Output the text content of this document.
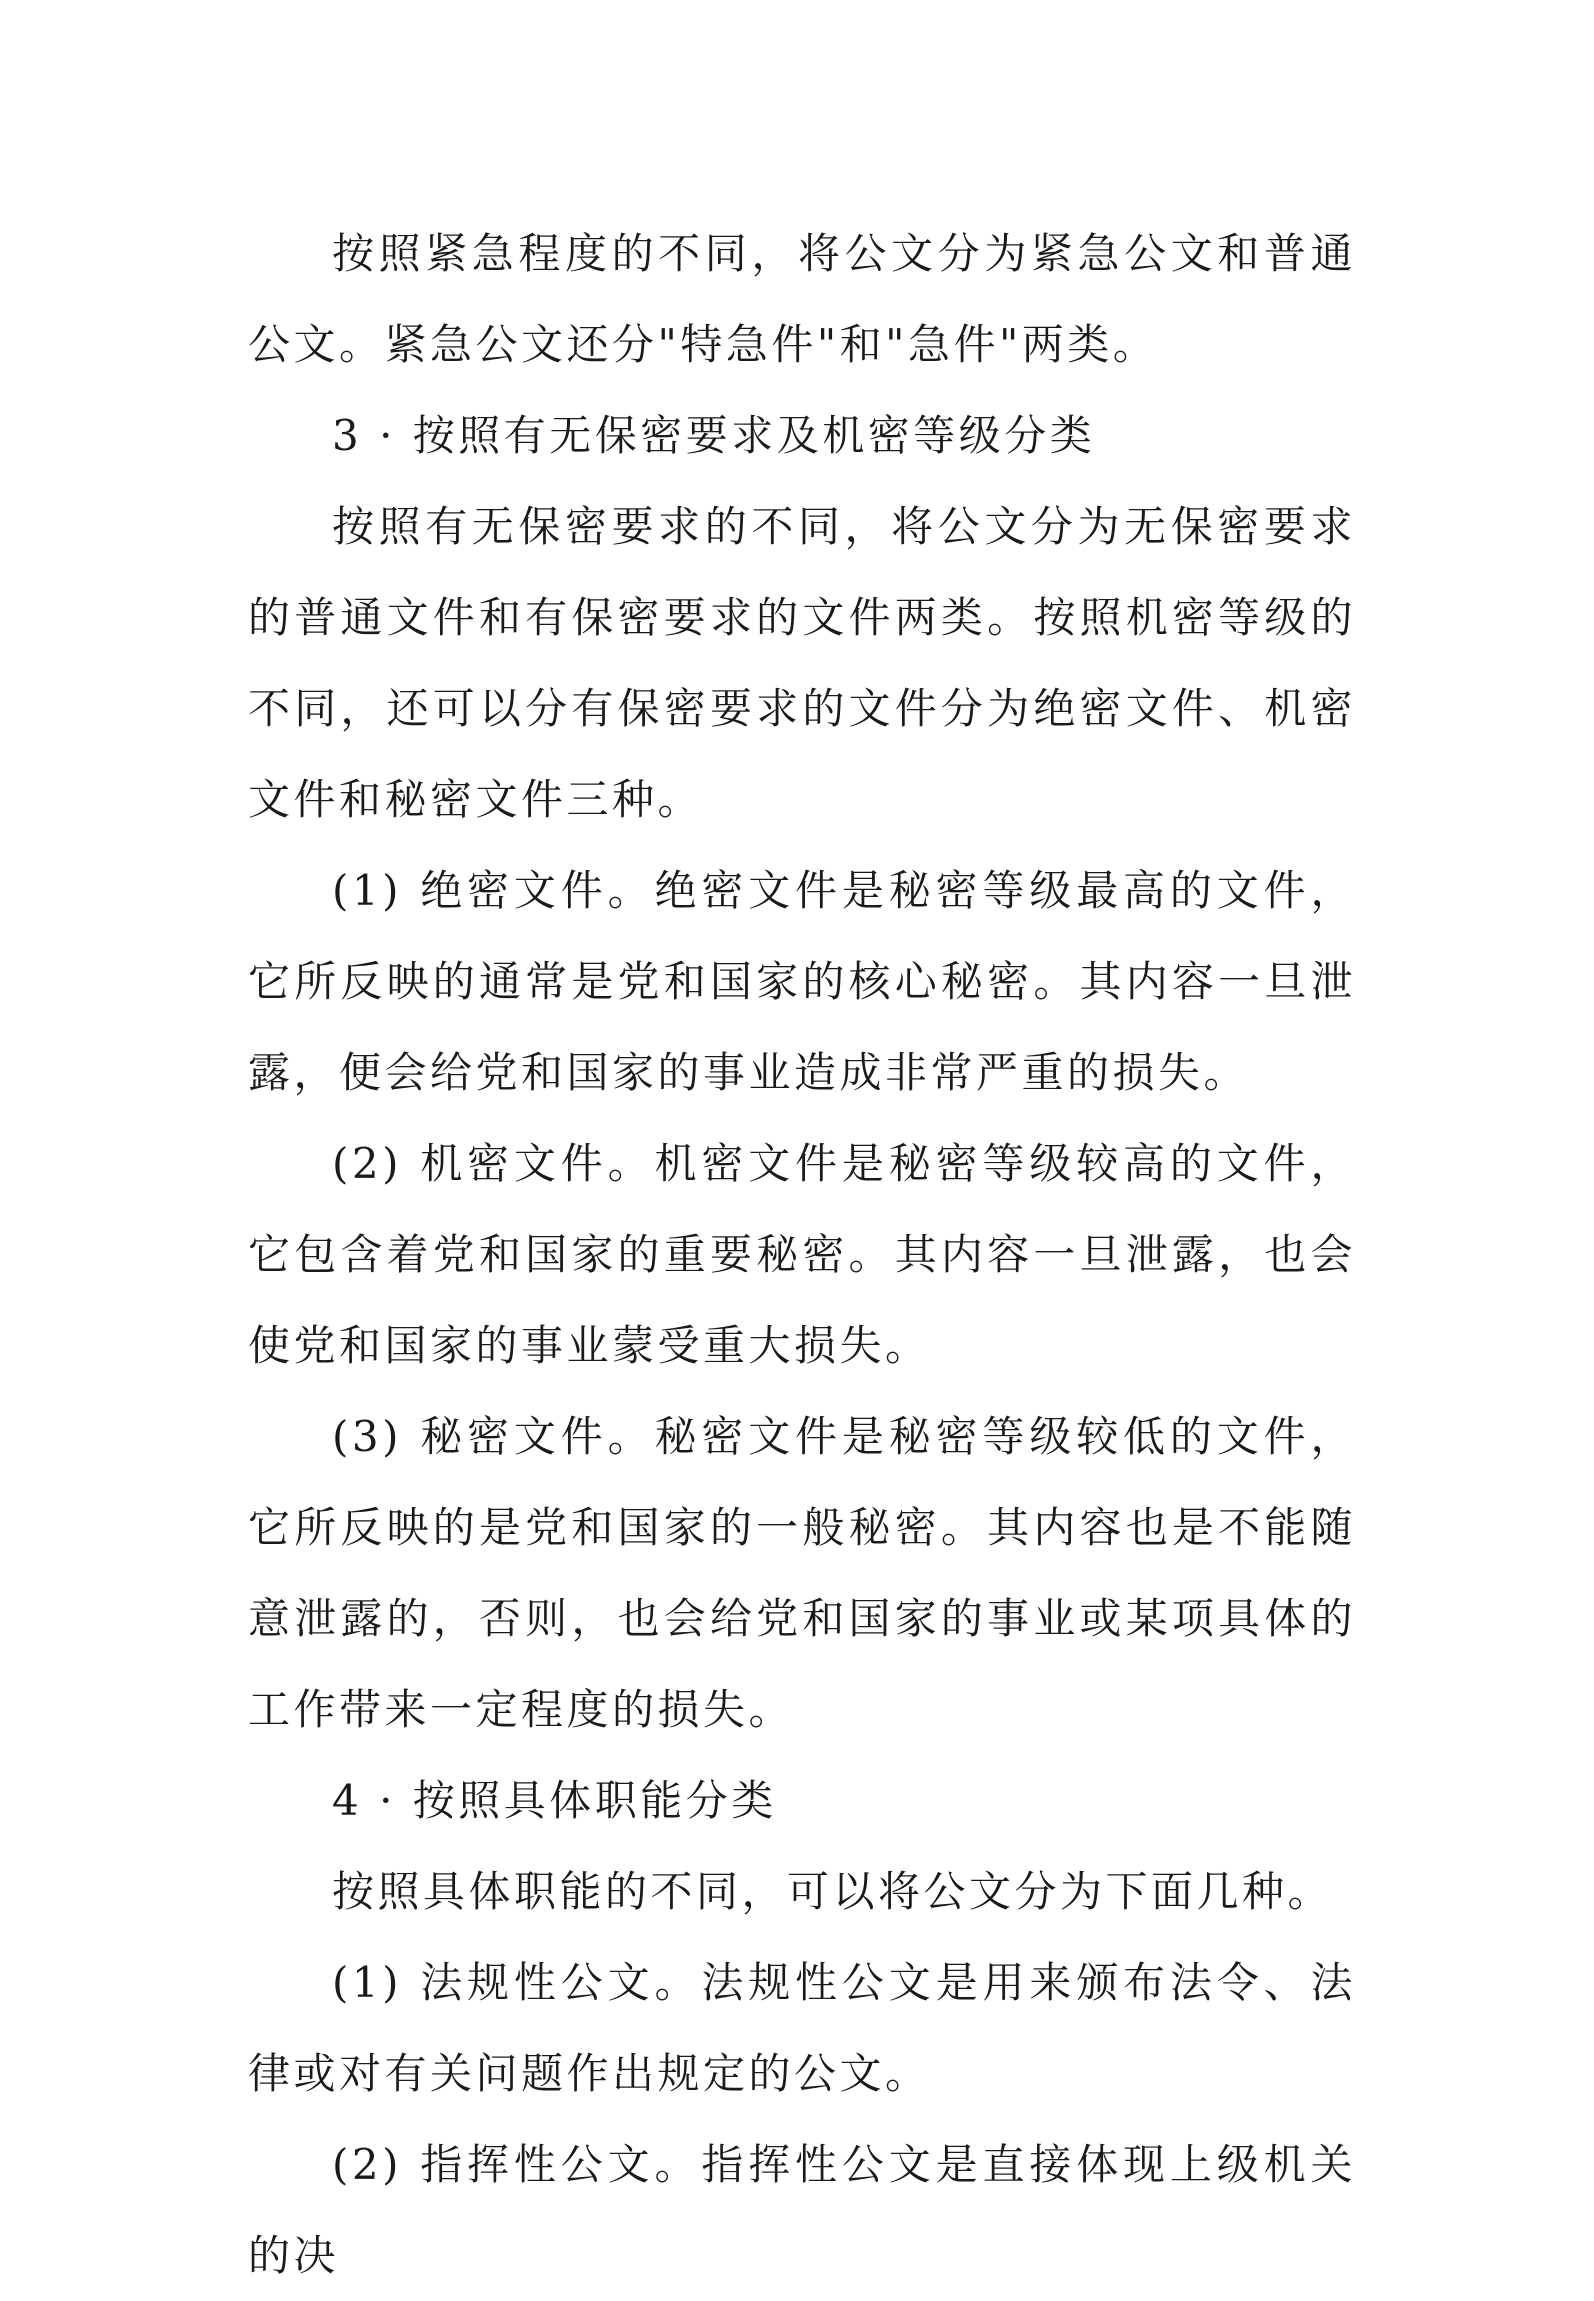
按照紧急程度的不同，将公文分为紧急公文和普通公文。紧急公文还分"特急件"和"急件"两类。

3 · 按照有无保密要求及机密等级分类

按照有无保密要求的不同，将公文分为无保密要求的普通文件和有保密要求的文件两类。按照机密等级的不同，还可以分有保密要求的文件分为绝密文件、机密文件和秘密文件三种。

(1) 绝密文件。绝密文件是秘密等级最高的文件，它所反映的通常是党和国家的核心秘密。其内容一旦泄露，便会给党和国家的事业造成非常严重的损失。

(2) 机密文件。机密文件是秘密等级较高的文件，它包含着党和国家的重要秘密。其内容一旦泄露，也会使党和国家的事业蒙受重大损失。

(3) 秘密文件。秘密文件是秘密等级较低的文件，它所反映的是党和国家的一般秘密。其内容也是不能随意泄露的，否则，也会给党和国家的事业或某项具体的工作带来一定程度的损失。

4 · 按照具体职能分类

按照具体职能的不同，可以将公文分为下面几种。

(1) 法规性公文。法规性公文是用来颁布法令、法律或对有关问题作出规定的公文。

(2) 指挥性公文。指挥性公文是直接体现上级机关的决
